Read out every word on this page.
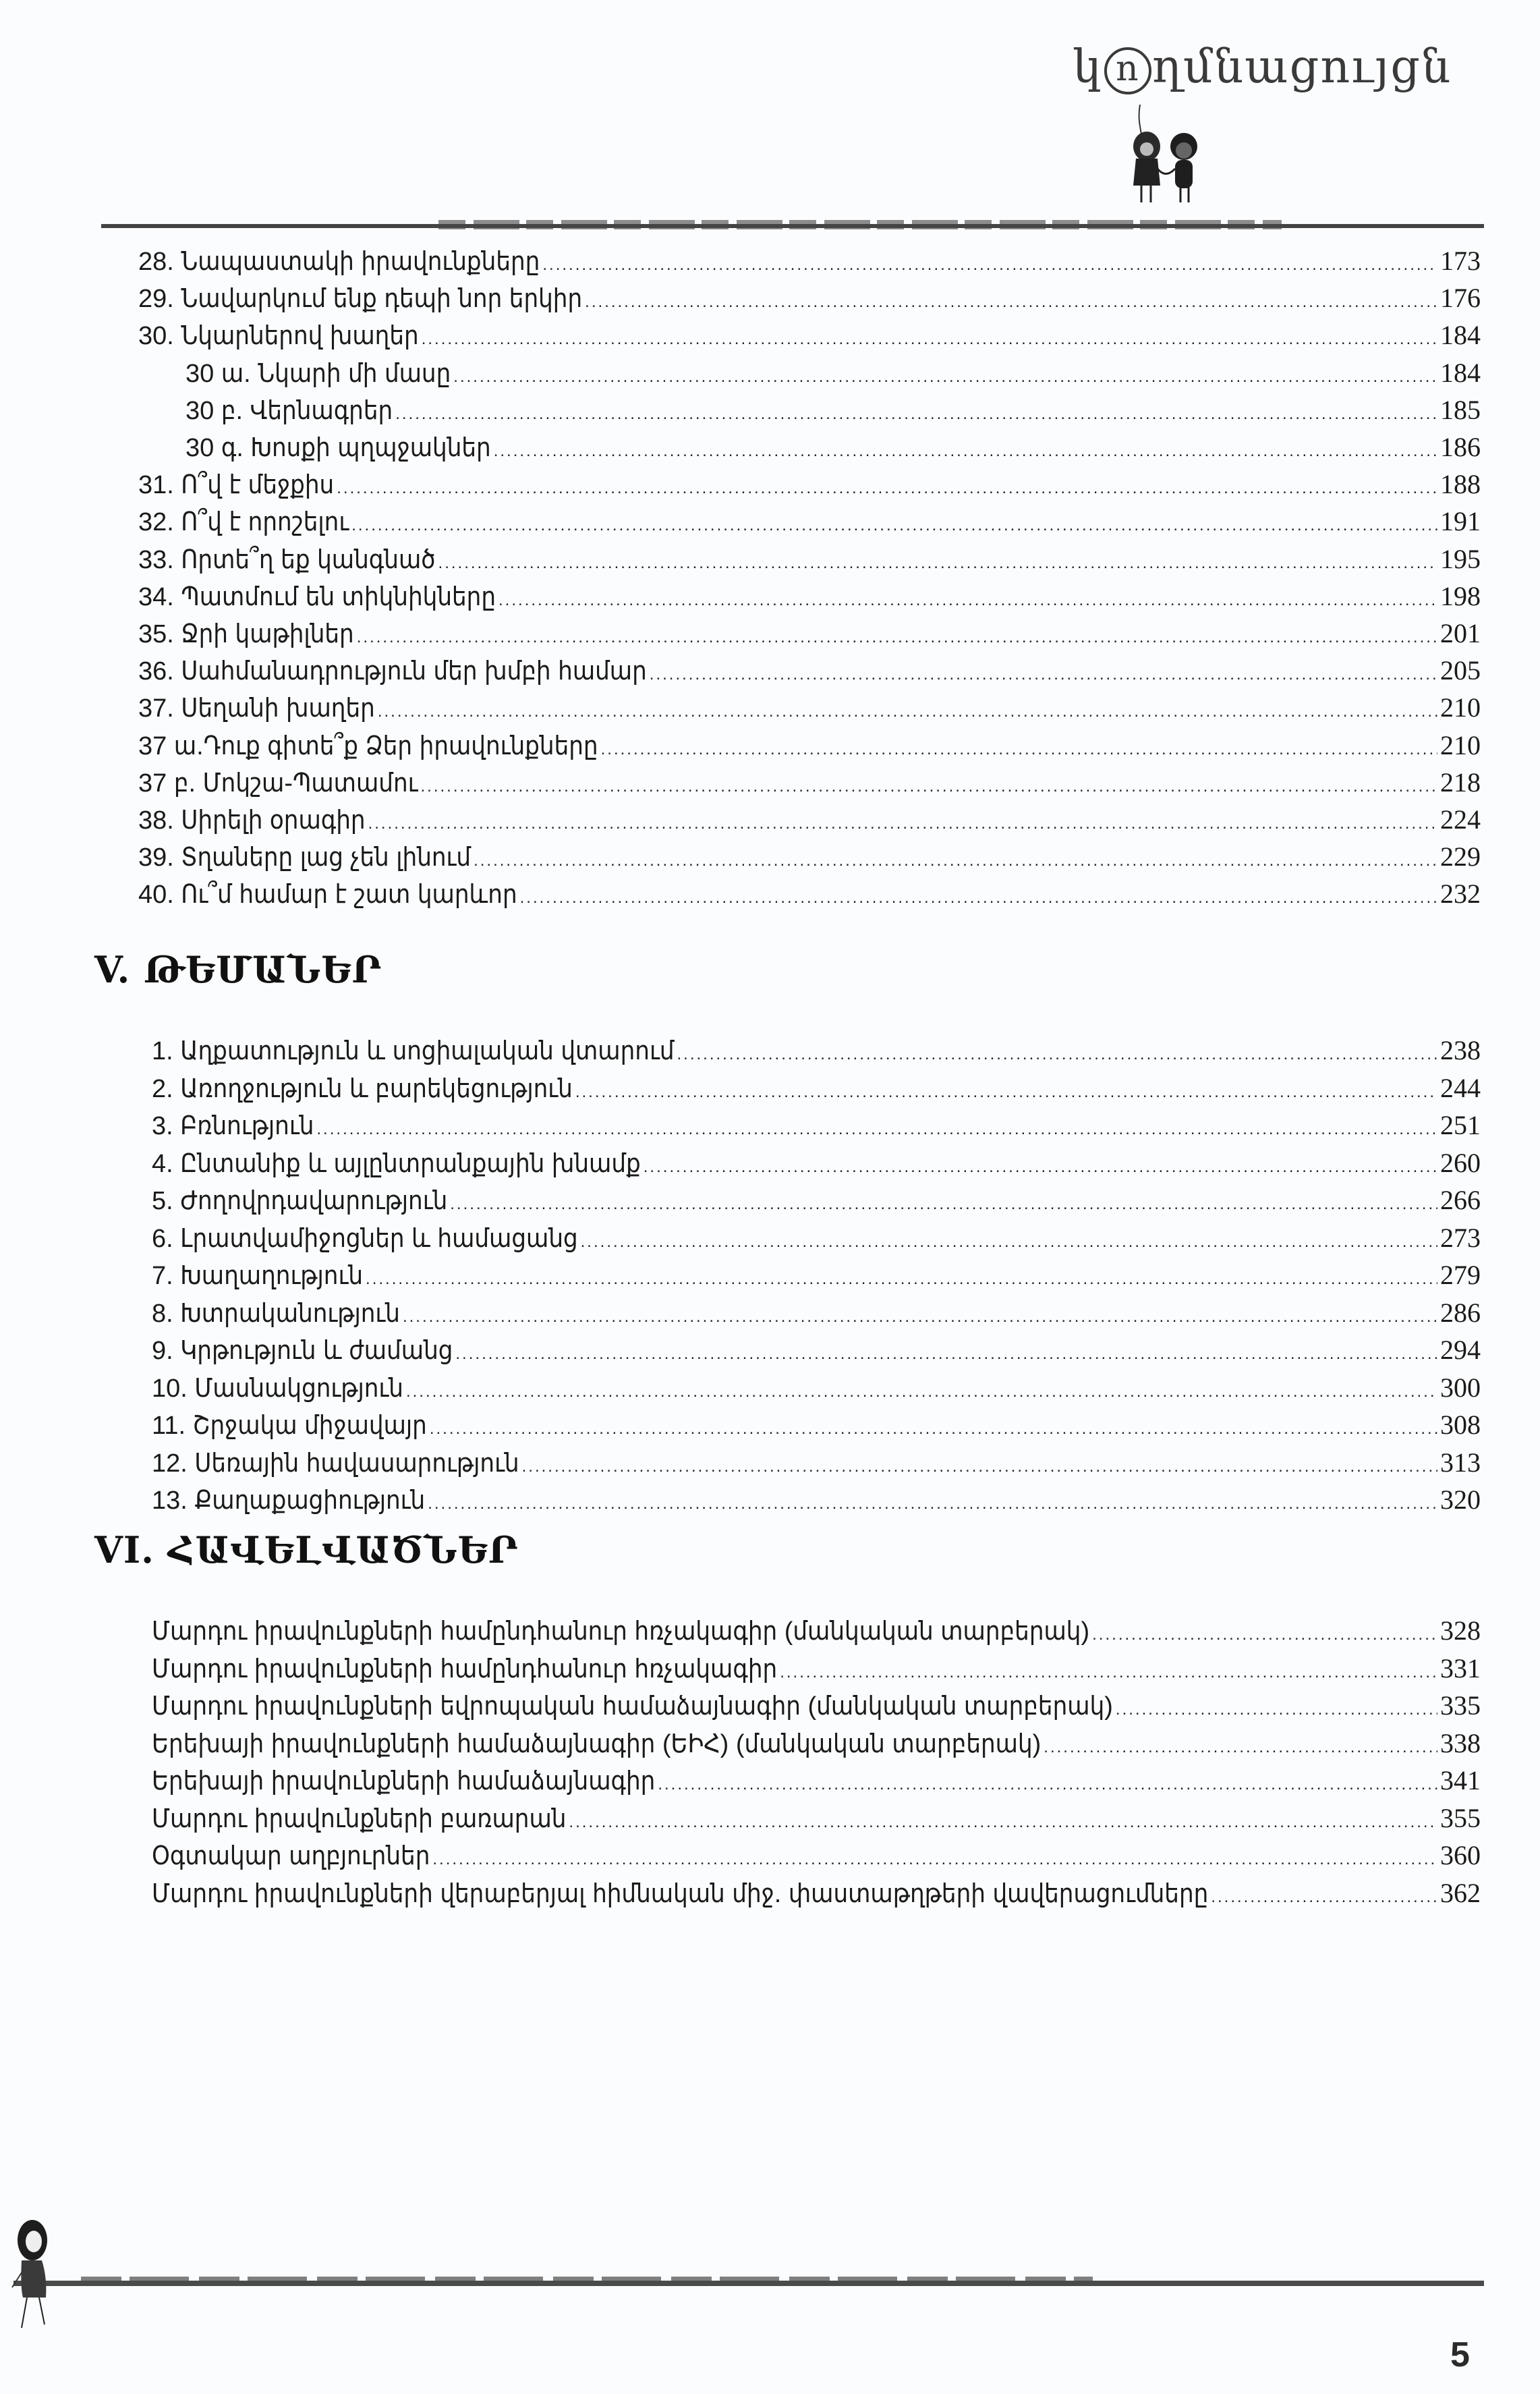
կ ո ղմնացույցն
V. ԹԵՄԱՆԵՐ
VI. ՀԱՎԵԼՎԱԾՆԵՐ
28. Նապաստակի իրավունքները .....	173
29. Նավարկում ենք դեպի նոր երկիր .....	176
30. Նկարներով խաղեր .....	184
30 ա. Նկարի մի մասը .....	184
30 բ. Վերնագրեր .....	185
30 գ. Խոսքի պղպջակներ .....	186
31. Ո՞վ է մեջքիս .....	188
32. Ո՞վ է որոշելու .....	191
33. Որտե՞ղ եք կանգնած .....	195
34. Պատմում են տիկնիկները .....	198
35. Ջրի կաթիլներ .....	201
36. Սահմանադրություն մեր խմբի համար .....	205
37. Սեղանի խաղեր .....	210
37 ա.Դուք գիտե՞ք Ձեր իրավունքները .....	210
37 բ. Մոկշա-Պատամու .....	218
38. Սիրելի օրագիր .....	224
39. Տղաները լաց չեն լինում .....	229
40. Ու՞մ համար է շատ կարևոր .....	232
1. Աղքատություն և սոցիալական վտարում .....	238
2. Առողջություն և բարեկեցություն .....	244
3. Բռնություն .....	251
4. Ընտանիք և այլընտրանքային խնամք .....	260
5. Ժողովրդավարություն .....	266
6. Լրատվամիջոցներ և համացանց .....	273
7. Խաղաղություն .....	279
8. Խտրականություն .....	286
9. Կրթություն և ժամանց .....	294
10. Մասնակցություն .....	300
11. Շրջակա միջավայր .....	308
12. Սեռային հավասարություն .....	313
13. Քաղաքացիություն .....	320
Մարդու իրավունքների համընդհանուր հռչակագիր (մանկական տարբերակ) .....	328
Մարդու իրավունքների համընդհանուր հռչակագիր .....	331
Մարդու իրավունքների եվրոպական համաձայնագիր (մանկական տարբերակ) .....	335
Երեխայի իրավունքների համաձայնագիր (ԵԻՀ) (մանկական տարբերակ) .....	338
Երեխայի իրավունքների համաձայնագիր .....	341
Մարդու իրավունքների բառարան .....	355
Օգտակար աղբյուրներ .....	360
Մարդու իրավունքների վերաբերյալ հիմնական միջ. փաստաթղթերի վավերացումները .....	362
5
